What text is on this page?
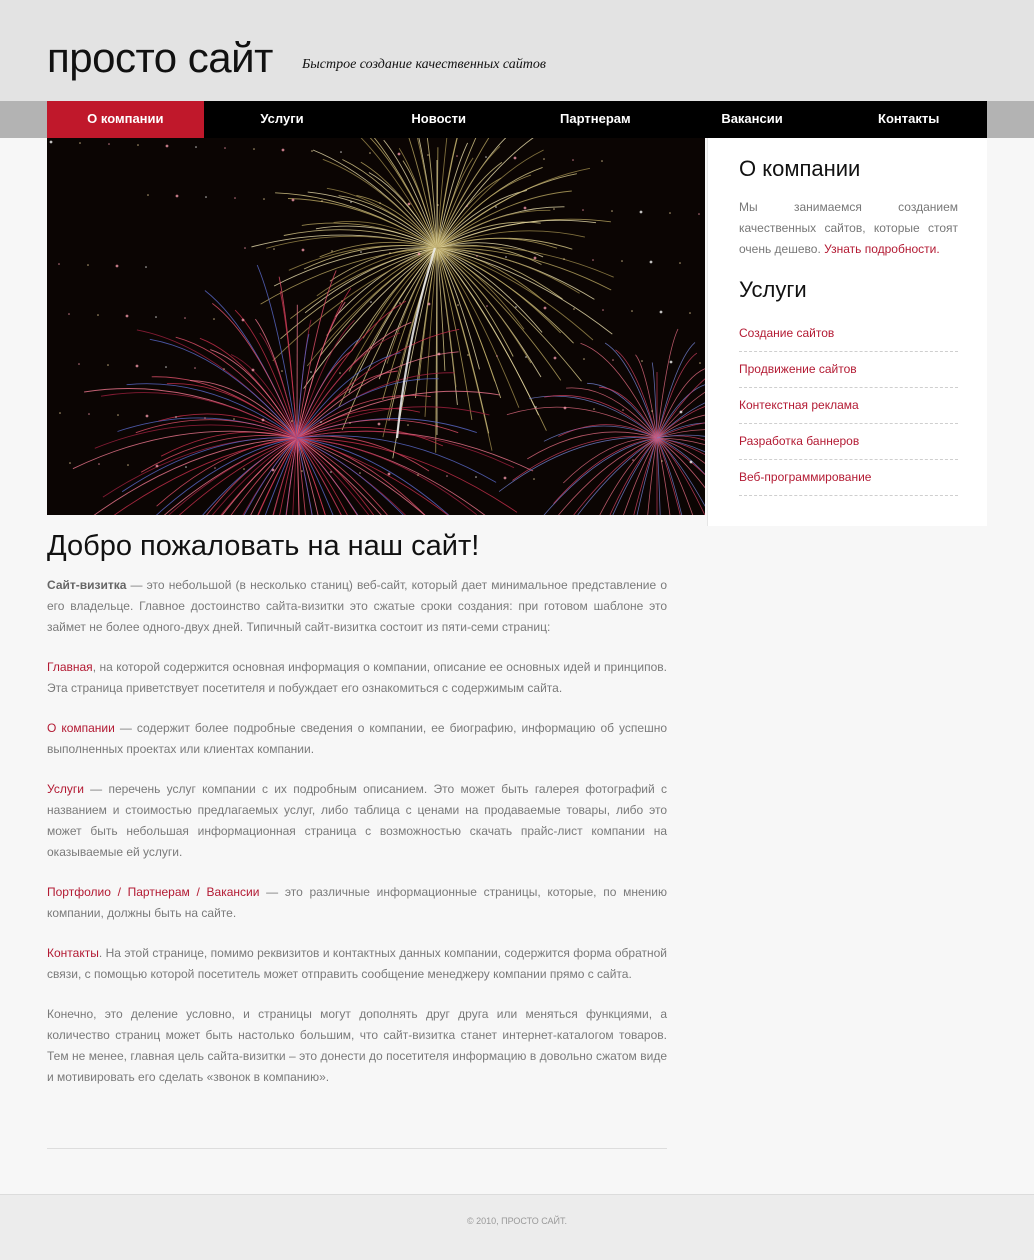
просто сайт Быстрое создание качественных сайтов
О компании	Услуги	Новости	Партнерам	Вакансии	Контакты
О компании

Мы занимаемся созданием качественных сайтов, которые стоят очень дешево. Узнать подробности.

Услуги
Создание сайтов
Продвижение сайтов
Контекстная реклама
Разработка баннеров
Веб-программирование
Добро пожаловать на наш сайт!

Сайт-визитка — это небольшой (в несколько станиц) веб-сайт, который дает минимальное представление о его владельце. Главное достоинство сайта-визитки это сжатые сроки создания: при готовом шаблоне это займет не более одного-двух дней. Типичный сайт-визитка состоит из пяти-семи страниц:

Главная, на которой содержится основная информация о компании, описание ее основных идей и принципов. Эта страница приветствует посетителя и побуждает его ознакомиться с содержимым сайта.

О компании — содержит более подробные сведения о компании, ее биографию, информацию об успешно выполненных проектах или клиентах компании.

Услуги — перечень услуг компании с их подробным описанием. Это может быть галерея фотографий с названием и стоимостью предлагаемых услуг, либо таблица с ценами на продаваемые товары, либо это может быть небольшая информационная страница с возможностью скачать прайс-лист компании на оказываемые ей услуги.

Портфолио / Партнерам / Вакансии — это различные информационные страницы, которые, по мнению компании, должны быть на сайте.

Контакты. На этой странице, помимо реквизитов и контактных данных компании, содержится форма обратной связи, с помощью которой посетитель может отправить сообщение менеджеру компании прямо с сайта.

Конечно, это деление условно, и страницы могут дополнять друг друга или меняться функциями, а количество страниц может быть настолько большим, что сайт-визитка станет интернет-каталогом товаров. Тем не менее, главная цель сайта-визитки – это донести до посетителя информацию в довольно сжатом виде и мотивировать его сделать «звонок в компанию».

© 2010, ПРОСТО САЙТ.
